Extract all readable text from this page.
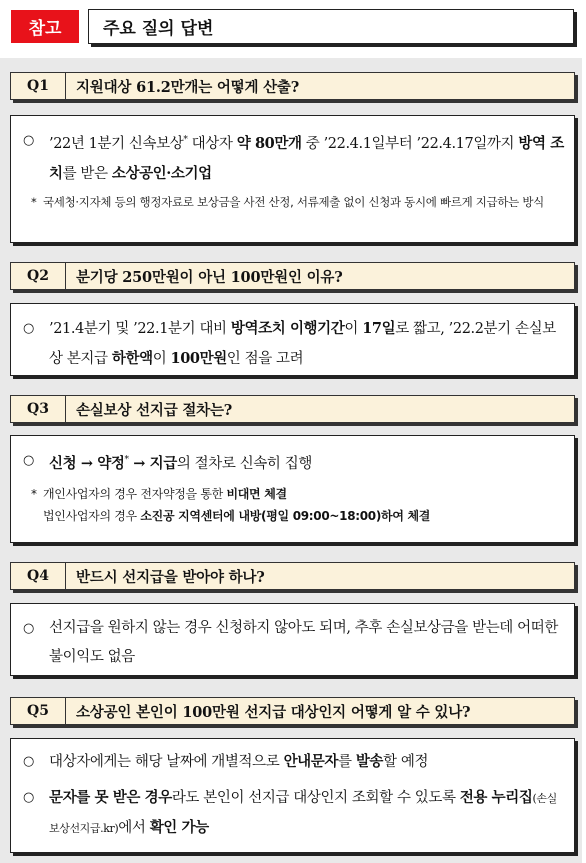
참고	주요 질의 답변
Q1	지원대상 61.2만개는 어떻게 산출?
○	’22년 1분기 신속보상* 대상자 약 80만개 중 ’22.4.1일부터 ’22.4.17일까지 방역 조치를 받은 소상공인·소기업
* 국세청·지자체 등의 행정자료로 보상금을 사전 산정, 서류제출 없이 신청과 동시에 빠르게 지급하는 방식
Q2	분기당 250만원이 아닌 100만원인 이유?
○	’21.4분기 및 ’22.1분기 대비 방역조치 이행기간이 17일로 짧고, ’22.2분기 손실보상 본지급 하한액이 100만원인 점을 고려
Q3	손실보상 선지급 절차는?
○	신청 → 약정* → 지급의 절차로 신속히 집행
* 개인사업자의 경우 전자약정을 통한 비대면 체결
법인사업자의 경우 소진공 지역센터에 내방(평일 09:00~18:00)하여 체결
Q4	반드시 선지급을 받아야 하나?
○	선지급을 원하지 않는 경우 신청하지 않아도 되며, 추후 손실보상금을 받는데 어떠한 불이익도 없음
Q5	소상공인 본인이 100만원 선지급 대상인지 어떻게 알 수 있나?
○	대상자에게는 해당 날짜에 개별적으로 안내문자를 발송할 예정
○	문자를 못 받은 경우라도 본인이 선지급 대상인지 조회할 수 있도록 전용 누리집(손실보상선지급.kr)에서 확인 가능
